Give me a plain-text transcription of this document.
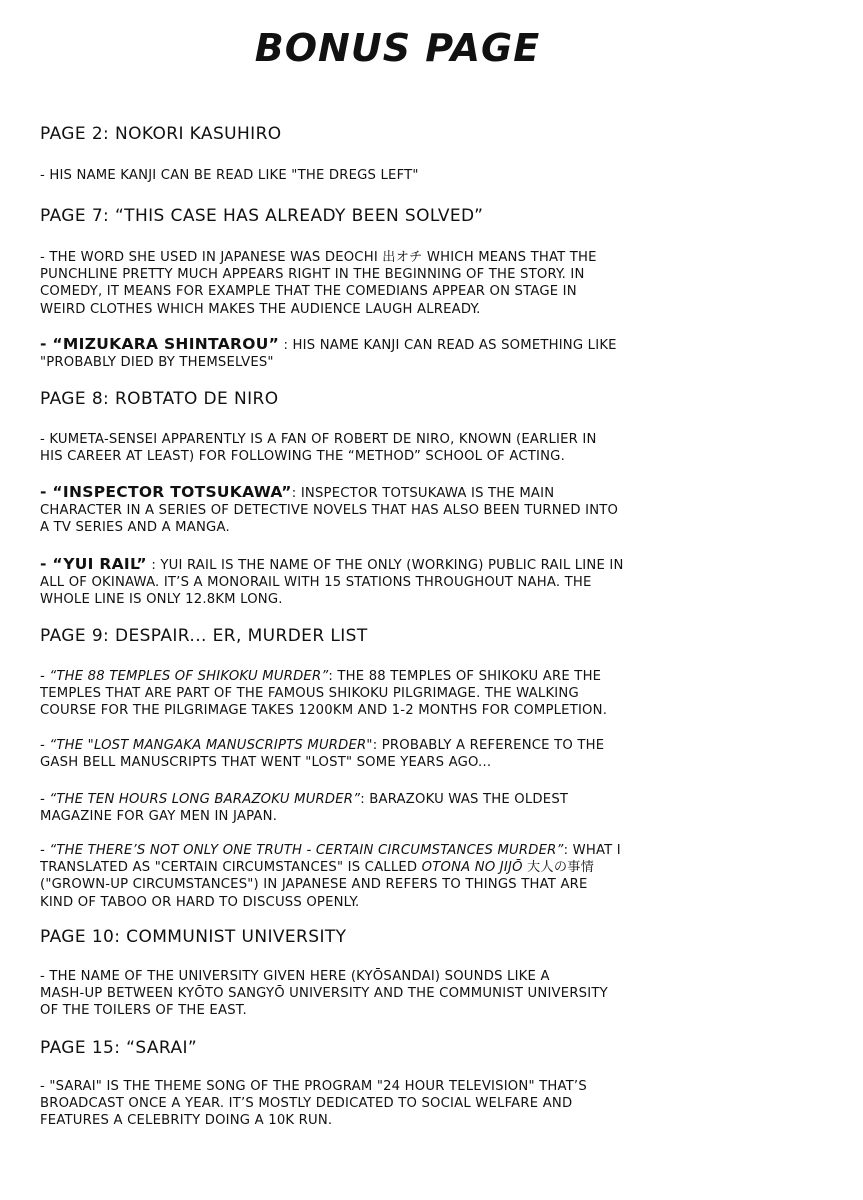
BONUS PAGE
PAGE 2: NOKORI KASUHIRO
- HIS NAME KANJI CAN BE READ LIKE "THE DREGS LEFT"
PAGE 7: “THIS CASE HAS ALREADY BEEN SOLVED”
- THE WORD SHE USED IN JAPANESE WAS DEOCHI 出オチ WHICH MEANS THAT THE
PUNCHLINE PRETTY MUCH APPEARS RIGHT IN THE BEGINNING OF THE STORY. IN
COMEDY, IT MEANS FOR EXAMPLE THAT THE COMEDIANS APPEAR ON STAGE IN
WEIRD CLOTHES WHICH MAKES THE AUDIENCE LAUGH ALREADY.
- “MIZUKARA SHINTAROU” : HIS NAME KANJI CAN READ AS SOMETHING LIKE
"PROBABLY DIED BY THEMSELVES"
PAGE 8: ROBTATO DE NIRO
- KUMETA-SENSEI APPARENTLY IS A FAN OF ROBERT DE NIRO, KNOWN (EARLIER IN
HIS CAREER AT LEAST) FOR FOLLOWING THE “METHOD” SCHOOL OF ACTING.
- “INSPECTOR TOTSUKAWA”: INSPECTOR TOTSUKAWA IS THE MAIN
CHARACTER IN A SERIES OF DETECTIVE NOVELS THAT HAS ALSO BEEN TURNED INTO
A TV SERIES AND A MANGA.
- “YUI RAIL” : YUI RAIL IS THE NAME OF THE ONLY (WORKING) PUBLIC RAIL LINE IN
ALL OF OKINAWA. IT’S A MONORAIL WITH 15 STATIONS THROUGHOUT NAHA. THE
WHOLE LINE IS ONLY 12.8KM LONG.
PAGE 9: DESPAIR... ER, MURDER LIST
- “THE 88 TEMPLES OF SHIKOKU MURDER”: THE 88 TEMPLES OF SHIKOKU ARE THE
TEMPLES THAT ARE PART OF THE FAMOUS SHIKOKU PILGRIMAGE. THE WALKING
COURSE FOR THE PILGRIMAGE TAKES 1200KM AND 1-2 MONTHS FOR COMPLETION.
- “THE "LOST MANGAKA MANUSCRIPTS MURDER": PROBABLY A REFERENCE TO THE
GASH BELL MANUSCRIPTS THAT WENT "LOST" SOME YEARS AGO...
- “THE TEN HOURS LONG BARAZOKU MURDER”: BARAZOKU WAS THE OLDEST
MAGAZINE FOR GAY MEN IN JAPAN.
- “THE THERE’S NOT ONLY ONE TRUTH - CERTAIN CIRCUMSTANCES MURDER”: WHAT I
TRANSLATED AS "CERTAIN CIRCUMSTANCES" IS CALLED OTONA NO JIJŌ 大人の事情
("GROWN-UP CIRCUMSTANCES") IN JAPANESE AND REFERS TO THINGS THAT ARE
KIND OF TABOO OR HARD TO DISCUSS OPENLY.
PAGE 10: COMMUNIST UNIVERSITY
- THE NAME OF THE UNIVERSITY GIVEN HERE (KYŌSANDAI) SOUNDS LIKE A
MASH-UP BETWEEN KYŌTO SANGYŌ UNIVERSITY AND THE COMMUNIST UNIVERSITY
OF THE TOILERS OF THE EAST.
PAGE 15: “SARAI”
- "SARAI" IS THE THEME SONG OF THE PROGRAM "24 HOUR TELEVISION" THAT’S
BROADCAST ONCE A YEAR. IT’S MOSTLY DEDICATED TO SOCIAL WELFARE AND
FEATURES A CELEBRITY DOING A 10K RUN.
